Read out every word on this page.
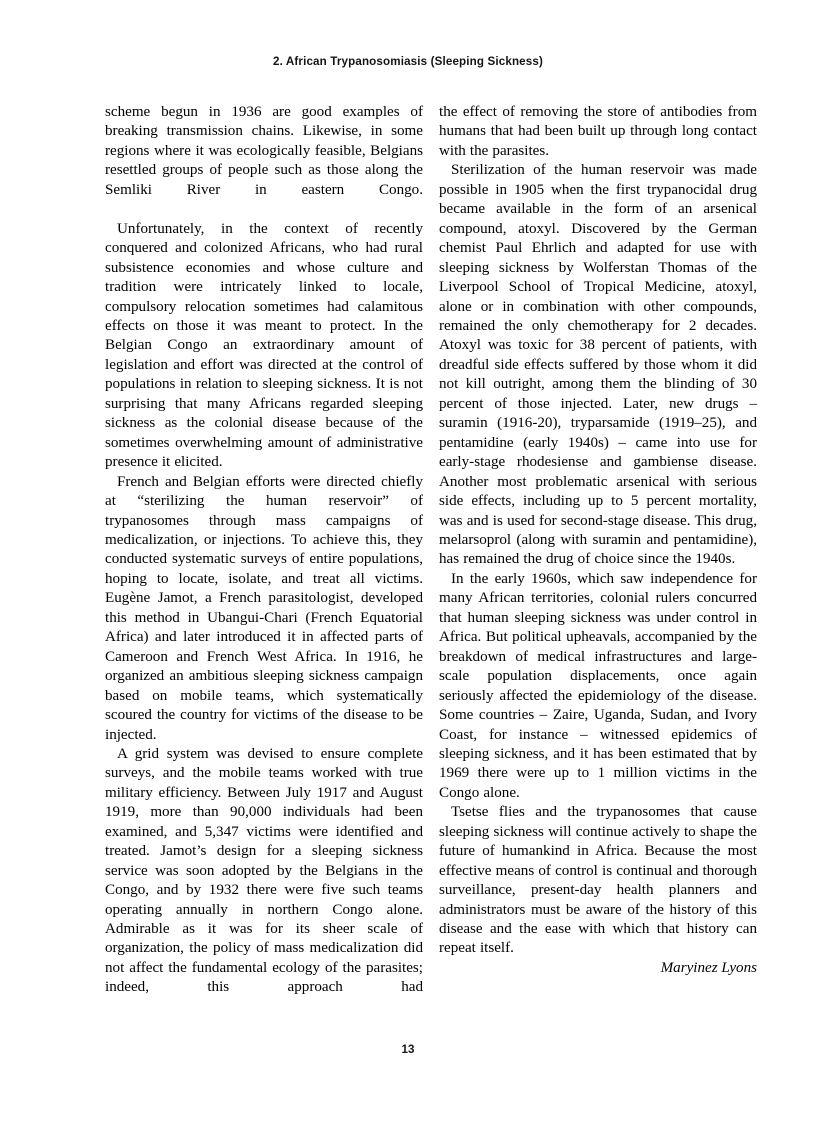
2. African Trypanosomiasis (Sleeping Sickness)

scheme begun in 1936 are good examples of breaking transmission chains. Likewise, in some regions where it was ecologically feasible, Belgians resettled groups of people such as those along the Semliki River in eastern Congo.

Unfortunately, in the context of recently conquered and colonized Africans, who had rural subsistence economies and whose culture and tradition were intricately linked to locale, compulsory relocation sometimes had calamitous effects on those it was meant to protect. In the Belgian Congo an extraordinary amount of legislation and effort was directed at the control of populations in relation to sleeping sickness. It is not surprising that many Africans regarded sleeping sickness as the colonial disease because of the sometimes overwhelming amount of administrative presence it elicited.

French and Belgian efforts were directed chiefly at “sterilizing the human reservoir” of trypanosomes through mass campaigns of medicalization, or injections. To achieve this, they conducted systematic surveys of entire populations, hoping to locate, isolate, and treat all victims. Eugène Jamot, a French parasitologist, developed this method in Ubangui-Chari (French Equatorial Africa) and later introduced it in affected parts of Cameroon and French West Africa. In 1916, he organized an ambitious sleeping sickness campaign based on mobile teams, which systematically scoured the country for victims of the disease to be injected.

A grid system was devised to ensure complete surveys, and the mobile teams worked with true military efficiency. Between July 1917 and August 1919, more than 90,000 individuals had been examined, and 5,347 victims were identified and treated. Jamot’s design for a sleeping sickness service was soon adopted by the Belgians in the Congo, and by 1932 there were five such teams operating annually in northern Congo alone. Admirable as it was for its sheer scale of organization, the policy of mass medicalization did not affect the fundamental ecology of the parasites; indeed, this approach had

the effect of removing the store of antibodies from humans that had been built up through long contact with the parasites.

Sterilization of the human reservoir was made possible in 1905 when the first trypanocidal drug became available in the form of an arsenical compound, atoxyl. Discovered by the German chemist Paul Ehrlich and adapted for use with sleeping sickness by Wolferstan Thomas of the Liverpool School of Tropical Medicine, atoxyl, alone or in combination with other compounds, remained the only chemotherapy for 2 decades. Atoxyl was toxic for 38 percent of patients, with dreadful side effects suffered by those whom it did not kill outright, among them the blinding of 30 percent of those injected. Later, new drugs – suramin (1916-20), tryparsamide (1919–25), and pentamidine (early 1940s) – came into use for early-stage rhodesiense and gambiense disease. Another most problematic arsenical with serious side effects, including up to 5 percent mortality, was and is used for second-stage disease. This drug, melarsoprol (along with suramin and pentamidine), has remained the drug of choice since the 1940s.

In the early 1960s, which saw independence for many African territories, colonial rulers concurred that human sleeping sickness was under control in Africa. But political upheavals, accompanied by the breakdown of medical infrastructures and large-scale population displacements, once again seriously affected the epidemiology of the disease. Some countries – Zaire, Uganda, Sudan, and Ivory Coast, for instance – witnessed epidemics of sleeping sickness, and it has been estimated that by 1969 there were up to 1 million victims in the Congo alone.

Tsetse flies and the trypanosomes that cause sleeping sickness will continue actively to shape the future of humankind in Africa. Because the most effective means of control is continual and thorough surveillance, present-day health planners and administrators must be aware of the history of this disease and the ease with which that history can repeat itself.

Maryinez Lyons

13
